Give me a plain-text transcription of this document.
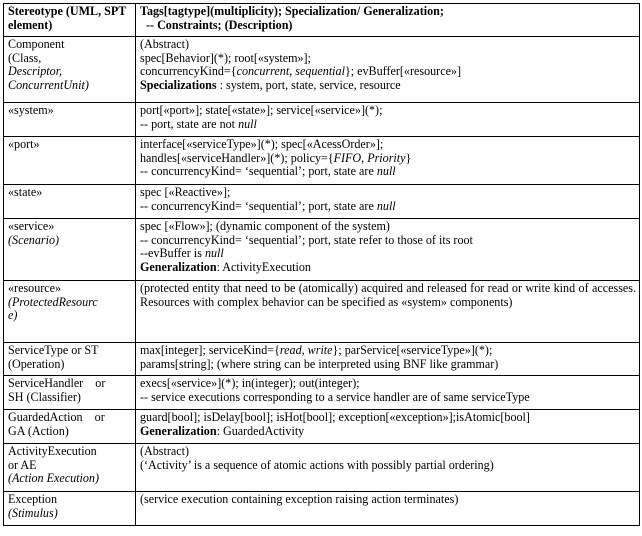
Stereotype (UML, SPT element)	Tags[tagtype](multiplicity); Specialization/ Generalization;
-- Constraints; (Description)

Component
(Class,
Descriptor,
ConcurrentUnit)	(Abstract)
spec[Behavior](*); root[«system»];
concurrencyKind={concurrent, sequential}; evBuffer[«resource»]
Specializations : system, port, state, service, resource

«system»	port[«port»]; state[«state»]; service[«service»](*);
-- port, state are not null

«port»	interface[«serviceType»](*); spec[«AcessOrder»];
handles[«serviceHandler»](*); policy={FIFO, Priority}
-- concurrencyKind= ‘sequential’; port, state are null

«state»	spec [«Reactive»];
-- concurrencyKind= ‘sequential’; port, state are null

«service»
(Scenario)	spec [«Flow»]; (dynamic component of the system)
-- concurrencyKind= ‘sequential’; port, state refer to those of its root
--evBuffer is null
Generalization: ActivityExecution

«resource»
(ProtectedResourc
e)	(protected entity that need to be (atomically) acquired and released for read or write kind of accesses. Resources with complex behavior can be specified as «system» components)

ServiceType or ST
(Operation)	max[integer]; serviceKind={read, write}; parService[«serviceType»](*);
params[string]; (where string can be interpreted using BNF like grammar)

ServiceHandler    or
SH (Classifier)	execs[«service»](*); in(integer); out(integer);
-- service executions corresponding to a service handler are of same serviceType

GuardedAction    or
GA (Action)	guard[bool]; isDelay[bool]; isHot[bool]; exception[«exception»];isAtomic[bool]
Generalization: GuardedActivity

ActivityExecution
or AE
(Action Execution)	(Abstract)
(‘Activity’ is a sequence of atomic actions with possibly partial ordering)

Exception
(Stimulus)	(service execution containing exception raising action terminates)
